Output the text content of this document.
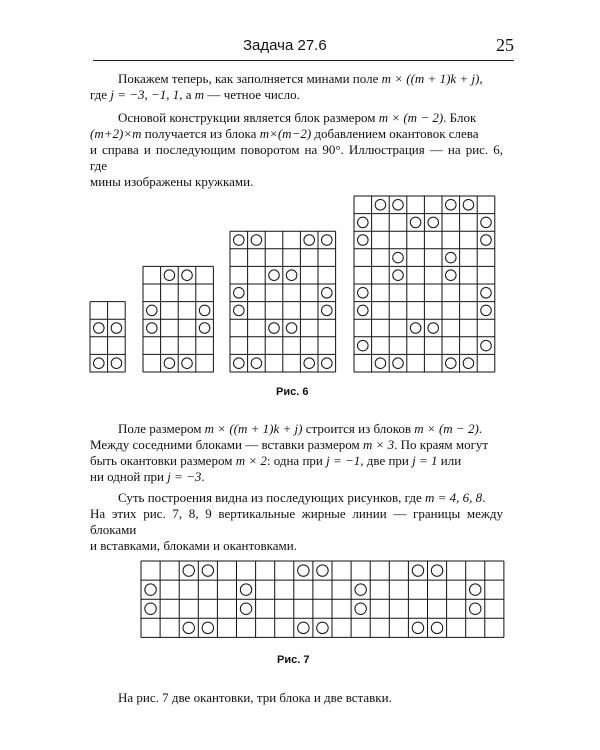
Задача 27.6	25

Покажем теперь, как заполняется минами поле m × ((m + 1)k + j),
где j = −3, −1, 1, а m — четное число.

Основой конструкции является блок размером m × (m − 2). Блок
(m+2)×m получается из блока m×(m−2) добавлением окантовок слева
и справа и последующим поворотом на 90°. Иллюстрация — на рис. 6, где
мины изображены кружками.

Рис. 6

Поле размером m × ((m + 1)k + j) строится из блоков m × (m − 2).
Между соседними блоками — вставки размером m × 3. По краям могут
быть окантовки размером m × 2: одна при j = −1, две при j = 1 или
ни одной при j = −3.

Суть построения видна из последующих рисунков, где m = 4, 6, 8.
На этих рис. 7, 8, 9 вертикальные жирные линии — границы между блоками
и вставками, блоками и окантовками.

Рис. 7

На рис. 7 две окантовки, три блока и две вставки.
